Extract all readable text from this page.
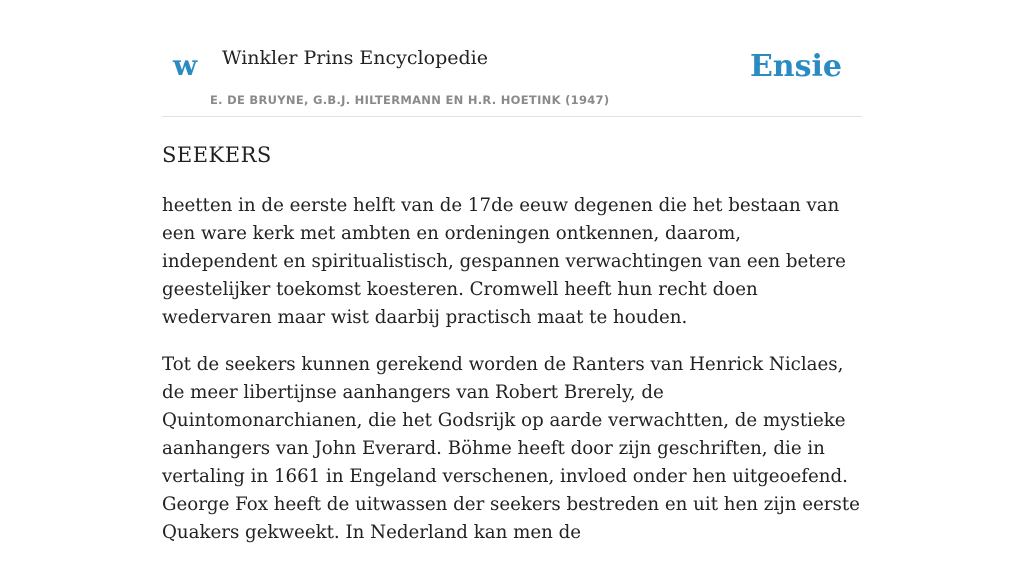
w Winkler Prins Encyclopedie
E. DE BRUYNE, G.B.J. HILTERMANN EN H.R. HOETINK (1947)
Ensie
SEEKERS

heetten in de eerste helft van de 17de eeuw degenen die het bestaan van een ware kerk met ambten en ordeningen ontkennen, daarom, independent en spiritualistisch, gespannen verwachtingen van een betere geestelijker toekomst koesteren. Cromwell heeft hun recht doen wedervaren maar wist daarbij practisch maat te houden.

Tot de seekers kunnen gerekend worden de Ranters van Henrick Niclaes, de meer libertijnse aanhangers van Robert Brerely, de Quintomonarchianen, die het Godsrijk op aarde verwachtten, de mystieke aanhangers van John Everard. Böhme heeft door zijn geschriften, die in vertaling in 1661 in Engeland verschenen, invloed onder hen uitgeoefend. George Fox heeft de uitwassen der seekers bestreden en uit hen zijn eerste Quakers gekweekt. In Nederland kan men de
